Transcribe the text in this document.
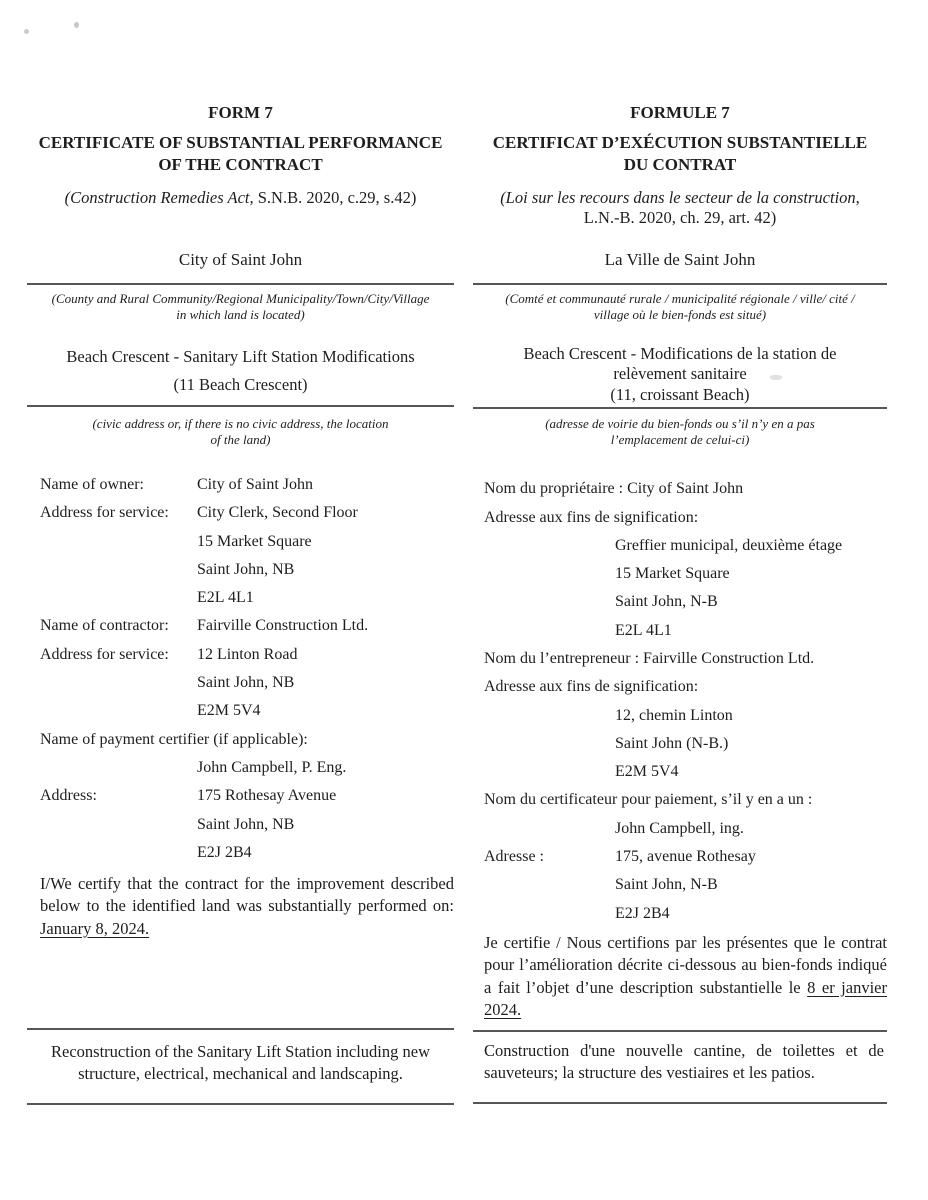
FORM 7

CERTIFICATE OF SUBSTANTIAL PERFORMANCE
OF THE CONTRACT

(Construction Remedies Act, S.N.B. 2020, c.29, s.42)

City of Saint John

(County and Rural Community/Regional Municipality/Town/City/Village
in which land is located)

Beach Crescent - Sanitary Lift Station Modifications

(11 Beach Crescent)

(civic address or, if there is no civic address, the location
of the land)

Name of owner:	City of Saint John
Address for service: City Clerk, Second Floor
15 Market Square
Saint John, NB
E2L 4L1
Name of contractor: Fairville Construction Ltd.
Address for service: 12 Linton Road
Saint John, NB
E2M 5V4
Name of payment certifier (if applicable):
John Campbell, P. Eng.
Address:	175 Rothesay Avenue
Saint John, NB
E2J 2B4

I/We certify that the contract for the improvement described below to the identified land was substantially performed on: January 8, 2024.

FORMULE 7

CERTIFICAT D’EXÉCUTION SUBSTANTIELLE
DU CONTRAT

(Loi sur les recours dans le secteur de la construction,
L.N.-B. 2020, ch. 29, art. 42)

La Ville de Saint John

(Comté et communauté rurale / municipalité régionale / ville/ cité /
village où le bien-fonds est situé)

Beach Crescent - Modifications de la station de
relèvement sanitaire
(11, croissant Beach)

(adresse de voirie du bien-fonds ou s’il n’y en a pas
l’emplacement de celui-ci)

Nom du propriétaire : City of Saint John
Adresse aux fins de signification:
Greffier municipal, deuxième étage
15 Market Square
Saint John, N-B
E2L 4L1
Nom du l’entrepreneur : Fairville Construction Ltd.
Adresse aux fins de signification:
12, chemin Linton
Saint John (N-B.)
E2M 5V4
Nom du certificateur pour paiement, s’il y en a un :
John Campbell, ing.
Adresse :	175, avenue Rothesay
Saint John, N-B
E2J 2B4

Je certifie / Nous certifions par les présentes que le contrat pour l’amélioration décrite ci-dessous au bien-fonds indiqué a fait l’objet d’une description substantielle le 8 er janvier 2024.

Reconstruction of the Sanitary Lift Station including new
structure, electrical, mechanical and landscaping.
Construction d'une nouvelle cantine, de toilettes et de sauveteurs; la structure des vestiaires et les patios.
